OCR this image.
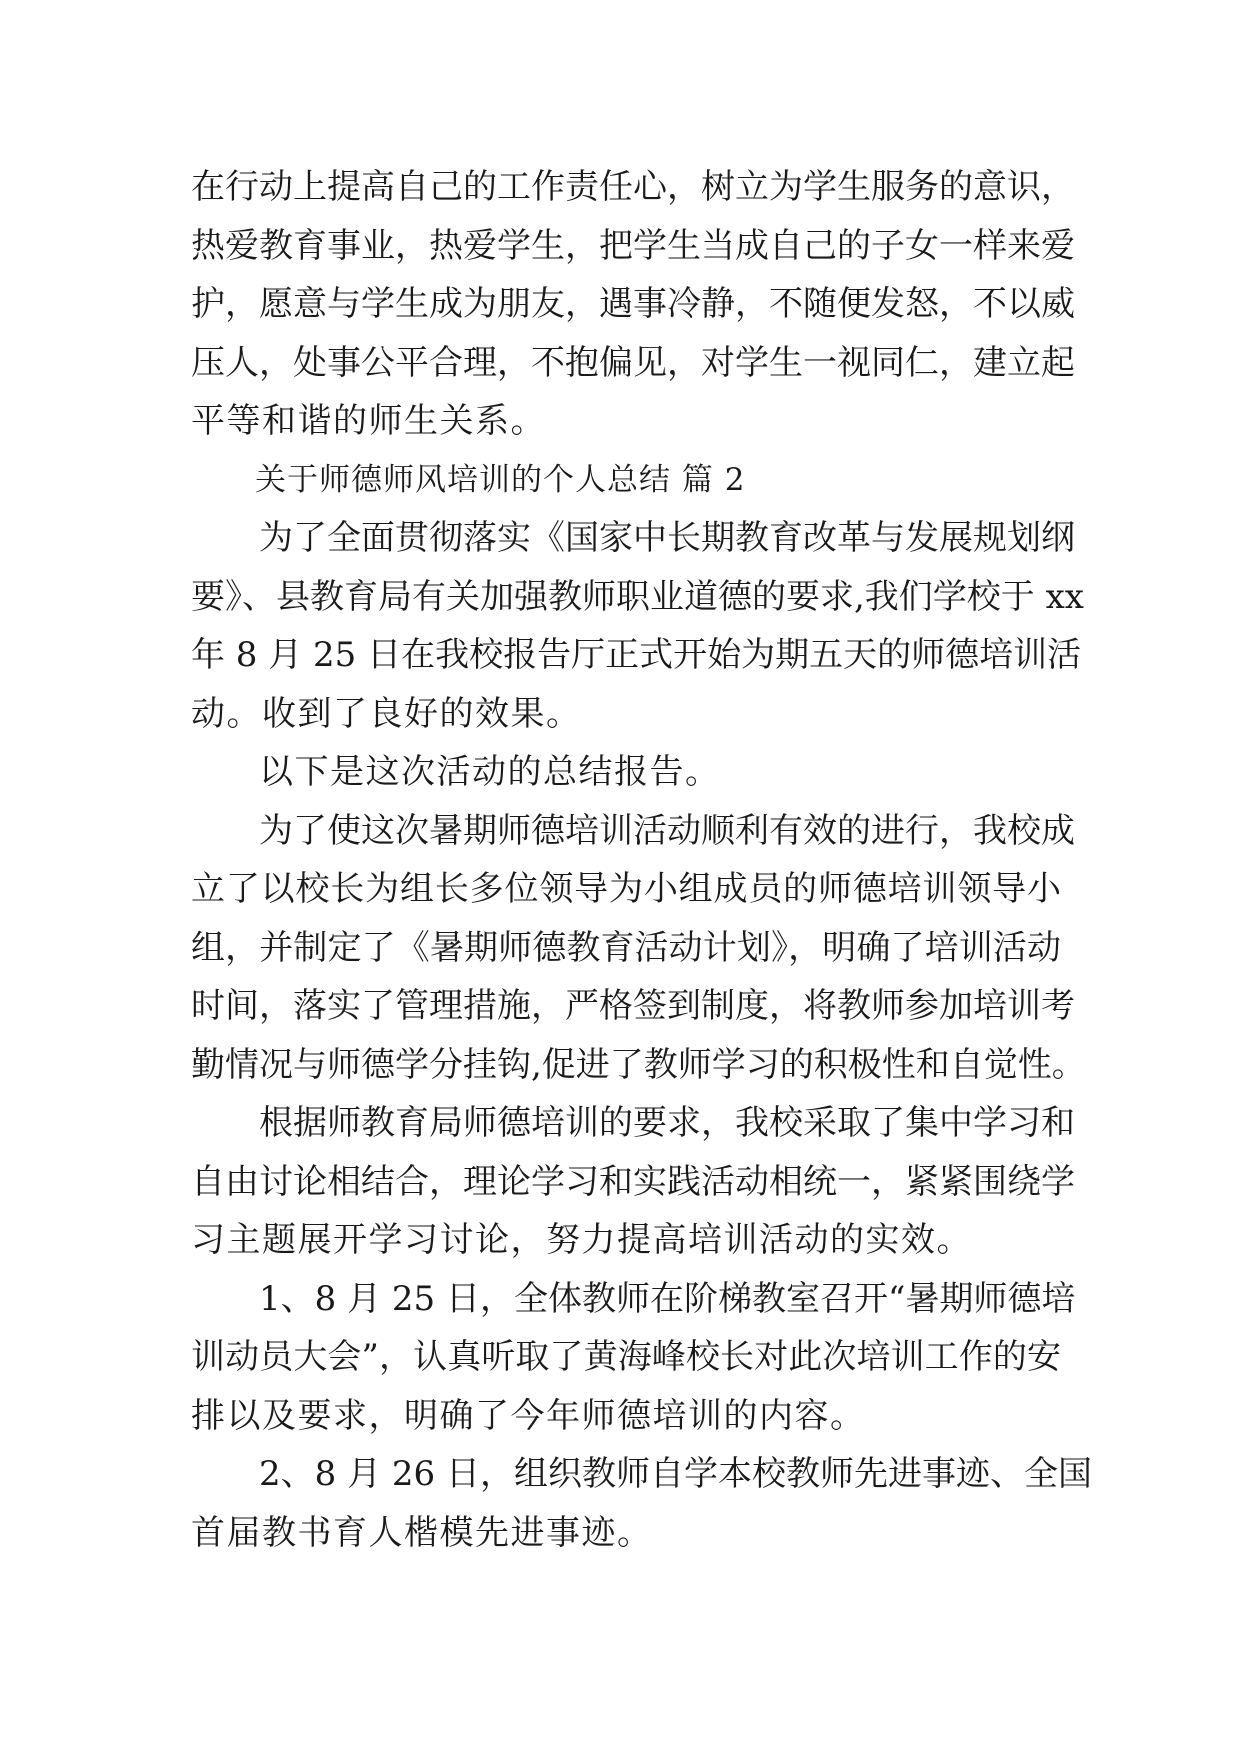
在行动上提高自己的工作责任心，树立为学生服务的意识，
热爱教育事业，热爱学生，把学生当成自己的子女一样来爱
护，愿意与学生成为朋友，遇事冷静，不随便发怒，不以威
压人，处事公平合理，不抱偏见，对学生一视同仁，建立起
平等和谐的师生关系。
关于师德师风培训的个人总结 篇 2
为了全面贯彻落实《国家中长期教育改革与发展规划纲
要》、县教育局有关加强教师职业道德的要求,我们学校于 xx
年 8 月 25 日在我校报告厅正式开始为期五天的师德培训活
动。收到了良好的效果。
以下是这次活动的总结报告。
为了使这次暑期师德培训活动顺利有效的进行，我校成
立了以校长为组长多位领导为小组成员的师德培训领导小
组，并制定了《暑期师德教育活动计划》，明确了培训活动
时间，落实了管理措施，严格签到制度，将教师参加培训考
勤情况与师德学分挂钩,促进了教师学习的积极性和自觉性。
根据师教育局师德培训的要求，我校采取了集中学习和
自由讨论相结合，理论学习和实践活动相统一，紧紧围绕学
习主题展开学习讨论，努力提高培训活动的实效。
1、8 月 25 日，全体教师在阶梯教室召开“暑期师德培
训动员大会”，认真听取了黄海峰校长对此次培训工作的安
排以及要求，明确了今年师德培训的内容。
2、8 月 26 日，组织教师自学本校教师先进事迹、全国
首届教书育人楷模先进事迹。
